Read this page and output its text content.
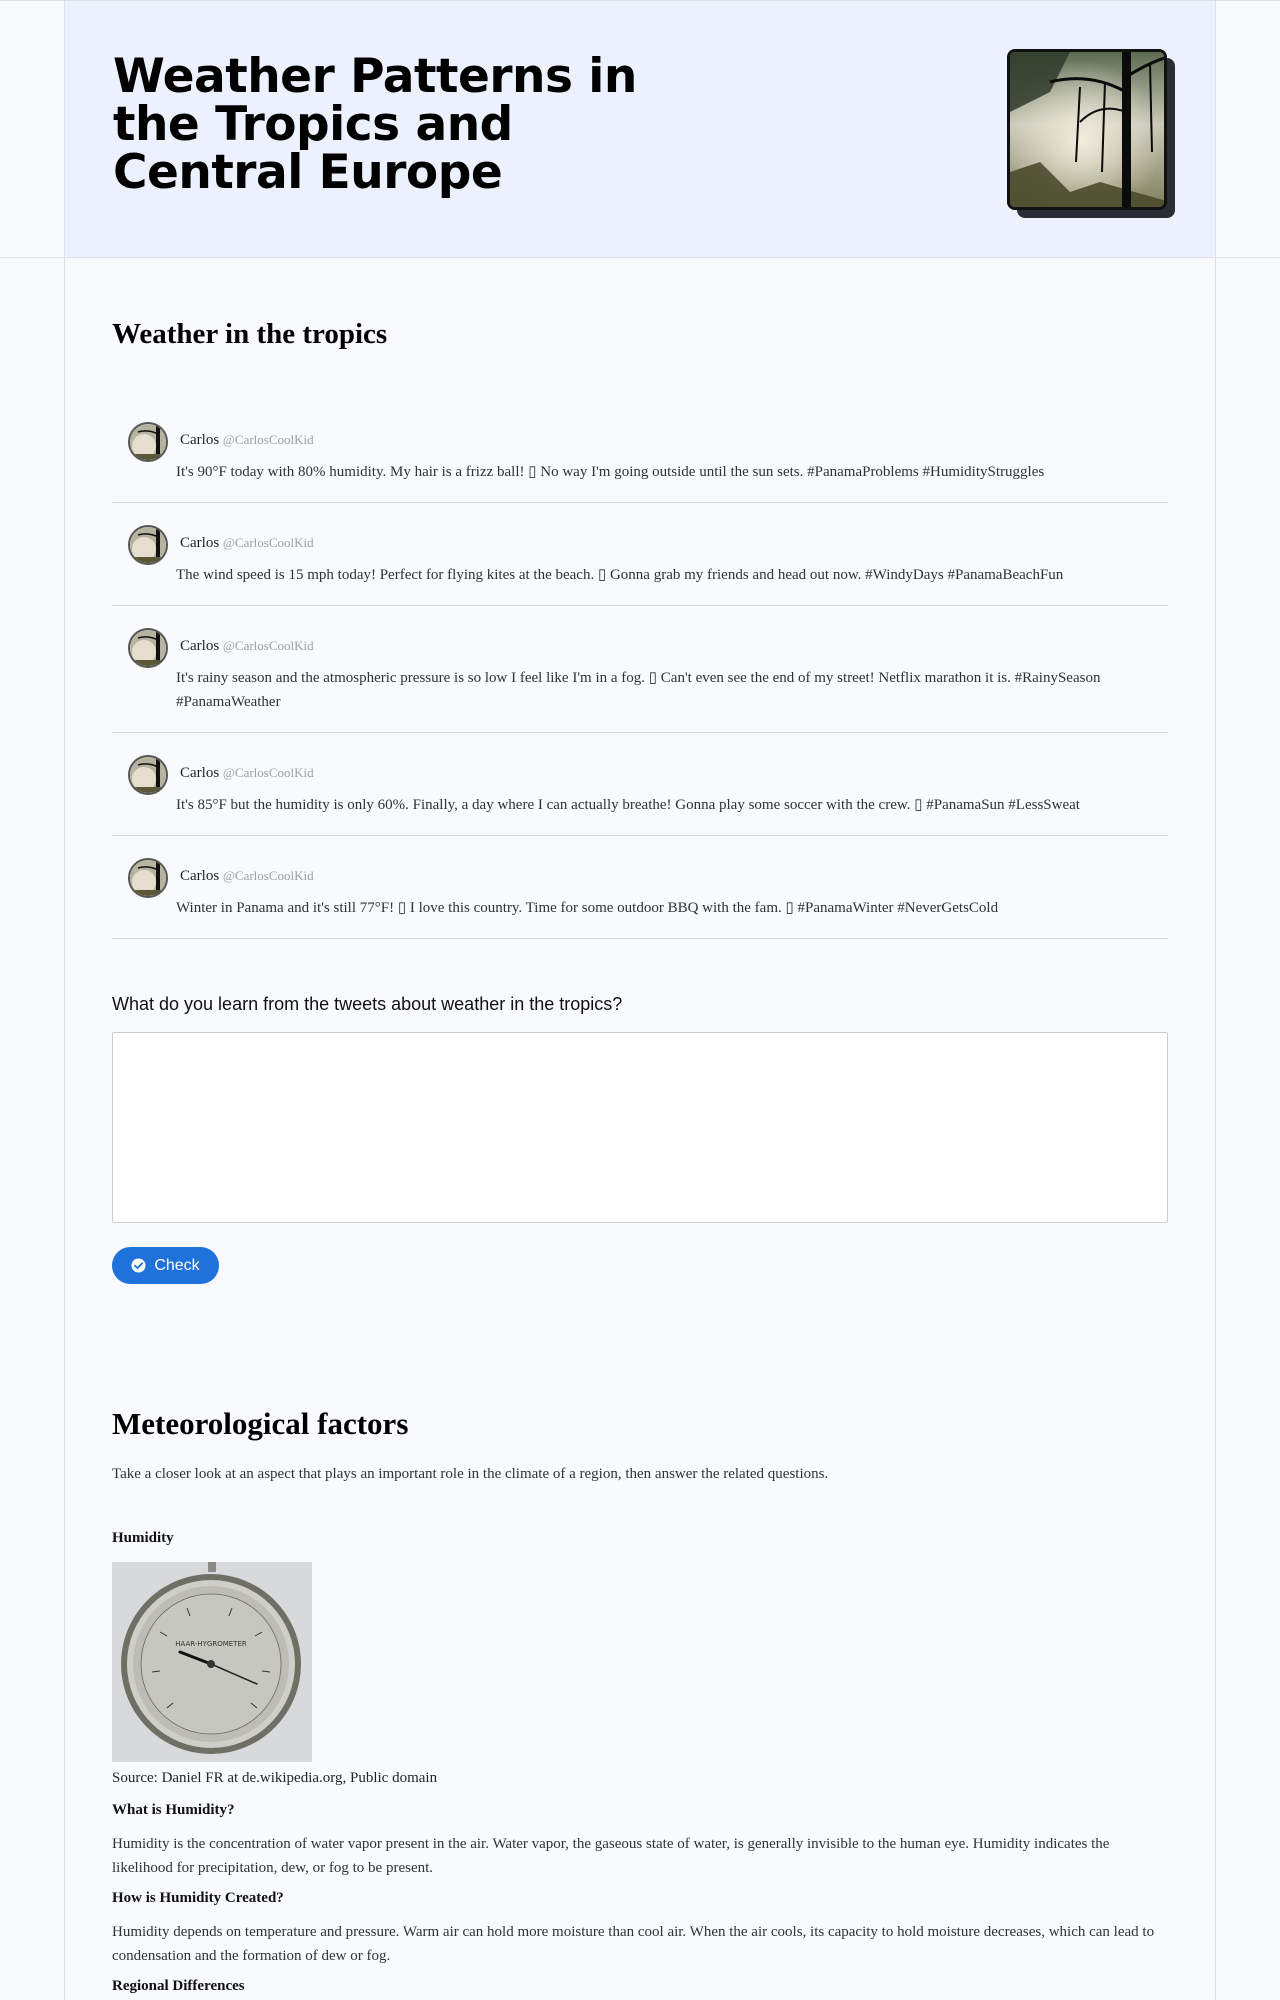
Weather Patterns in the Tropics and Central Europe
Weather in the tropics
Carlos @CarlosCoolKid

It's 90°F today with 80% humidity. My hair is a frizz ball! ▯ No way I'm going outside until the sun sets. #PanamaProblems #HumidityStruggles

Carlos @CarlosCoolKid

The wind speed is 15 mph today! Perfect for flying kites at the beach. ▯ Gonna grab my friends and head out now. #WindyDays #PanamaBeachFun

Carlos @CarlosCoolKid

It's rainy season and the atmospheric pressure is so low I feel like I'm in a fog. ▯ Can't even see the end of my street! Netflix marathon it is. #RainySeason #PanamaWeather

Carlos @CarlosCoolKid

It's 85°F but the humidity is only 60%. Finally, a day where I can actually breathe! Gonna play some soccer with the crew. ▯ #PanamaSun #LessSweat

Carlos @CarlosCoolKid

Winter in Panama and it's still 77°F! ▯ I love this country. Time for some outdoor BBQ with the fam. ▯ #PanamaWinter #NeverGetsCold

What do you learn from the tweets about weather in the tropics?
Check
Meteorological factors

Take a closer look at an aspect that plays an important role in the climate of a region, then answer the related questions.

Humidity

HAAR-HYGROMETER

Source: Daniel FR at de.wikipedia.org, Public domain

What is Humidity?

Humidity is the concentration of water vapor present in the air. Water vapor, the gaseous state of water, is generally invisible to the human eye. Humidity indicates the likelihood for precipitation, dew, or fog to be present.

How is Humidity Created?

Humidity depends on temperature and pressure. Warm air can hold more moisture than cool air. When the air cools, its capacity to hold moisture decreases, which can lead to condensation and the formation of dew or fog.

Regional Differences
